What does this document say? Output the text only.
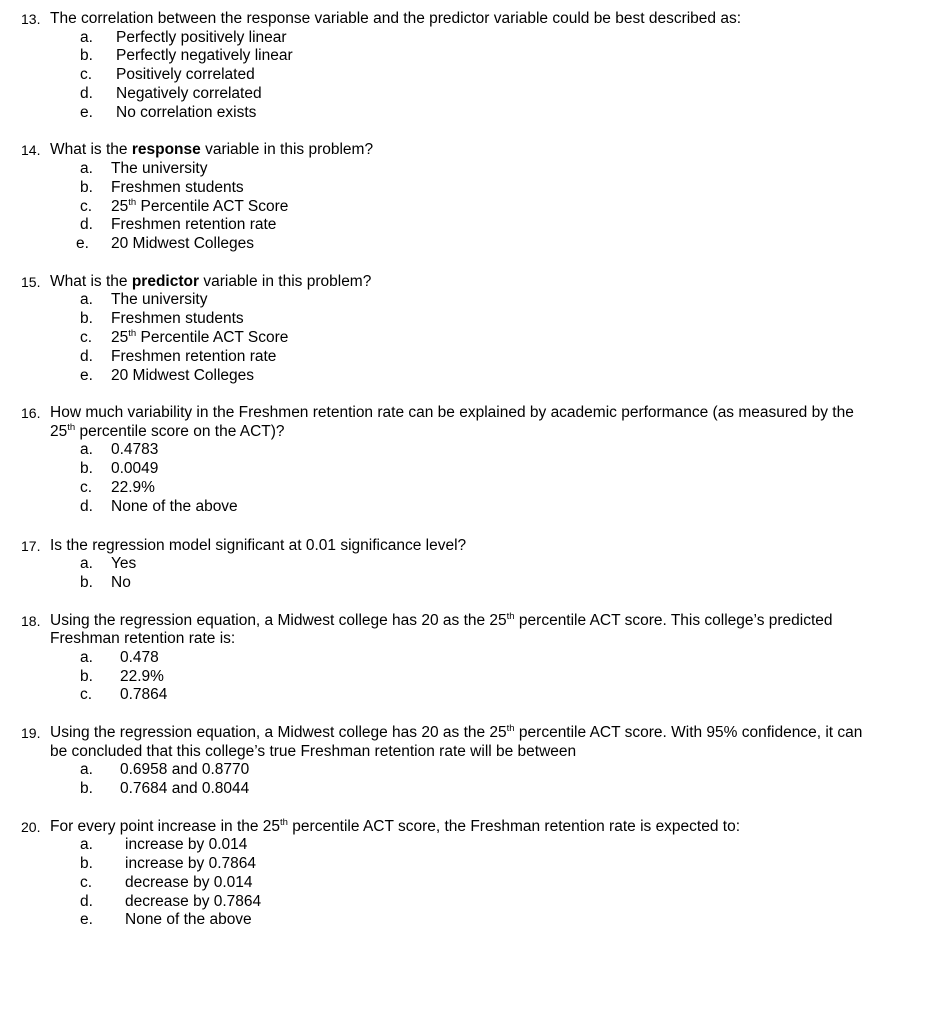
13. The correlation between the response variable and the predictor variable could be best described as:
a. Perfectly positively linear
b. Perfectly negatively linear
c. Positively correlated
d. Negatively correlated
e. No correlation exists
14. What is the response variable in this problem?
a. The university
b. Freshmen students
c. 25th Percentile ACT Score
d. Freshmen retention rate
e. 20 Midwest Colleges
15. What is the predictor variable in this problem?
a. The university
b. Freshmen students
c. 25th Percentile ACT Score
d. Freshmen retention rate
e. 20 Midwest Colleges
16. How much variability in the Freshmen retention rate can be explained by academic performance (as measured by the
25th percentile score on the ACT)?
a. 0.4783
b. 0.0049
c. 22.9%
d. None of the above
17. Is the regression model significant at 0.01 significance level?
a. Yes
b. No
18. Using the regression equation, a Midwest college has 20 as the 25th percentile ACT score. This college’s predicted
Freshman retention rate is:
a. 0.478
b. 22.9%
c. 0.7864
19. Using the regression equation, a Midwest college has 20 as the 25th percentile ACT score. With 95% confidence, it can
be concluded that this college’s true Freshman retention rate will be between
a. 0.6958 and 0.8770
b. 0.7684 and 0.8044
20. For every point increase in the 25th percentile ACT score, the Freshman retention rate is expected to:
a. increase by 0.014
b. increase by 0.7864
c. decrease by 0.014
d. decrease by 0.7864
e. None of the above
